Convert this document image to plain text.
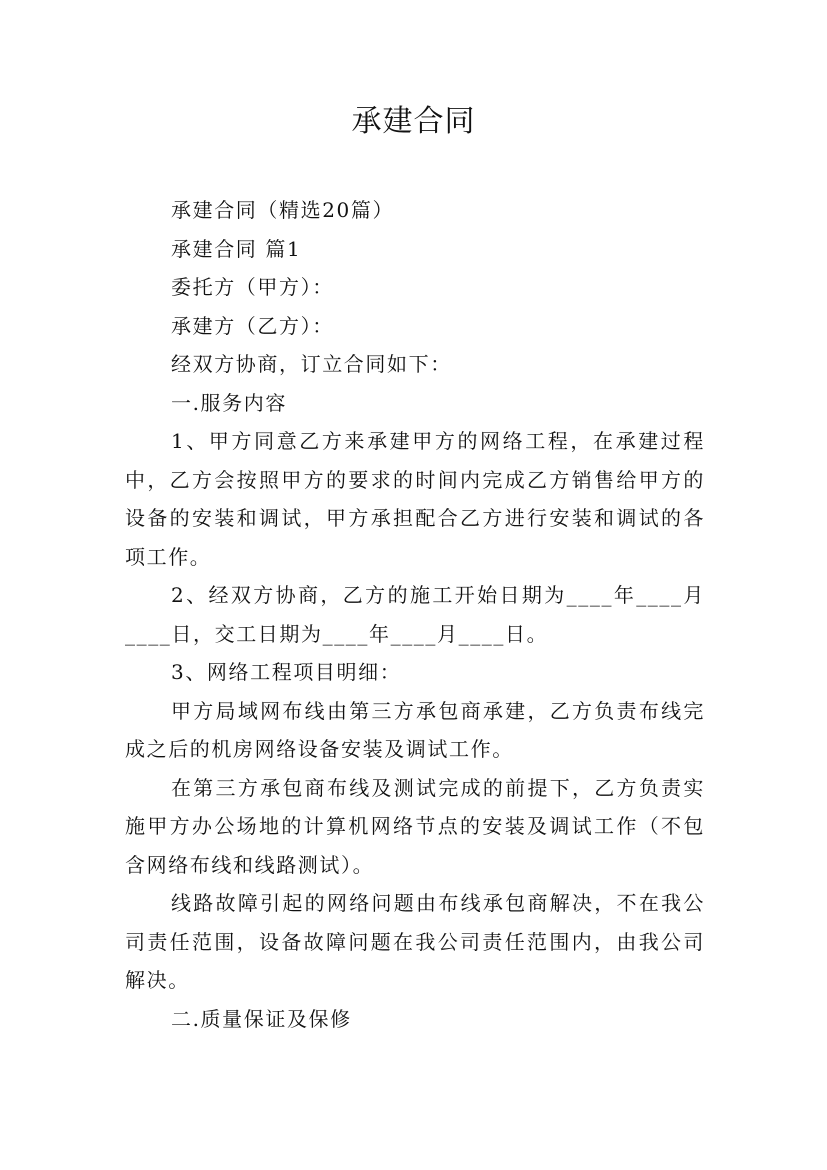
承建合同

承建合同（精选20篇）

承建合同 篇1

委托方（甲方）：

承建方（乙方）：

经双方协商，订立合同如下：

一.服务内容

1、甲方同意乙方来承建甲方的网络工程，在承建过程中，乙方会按照甲方的要求的时间内完成乙方销售给甲方的设备的安装和调试，甲方承担配合乙方进行安装和调试的各项工作。

2、经双方协商，乙方的施工开始日期为____年____月____日，交工日期为____年____月____日。

3、网络工程项目明细：

甲方局域网布线由第三方承包商承建，乙方负责布线完成之后的机房网络设备安装及调试工作。

在第三方承包商布线及测试完成的前提下，乙方负责实施甲方办公场地的计算机网络节点的安装及调试工作（不包含网络布线和线路测试）。

线路故障引起的网络问题由布线承包商解决，不在我公司责任范围，设备故障问题在我公司责任范围内，由我公司解决。

二.质量保证及保修
